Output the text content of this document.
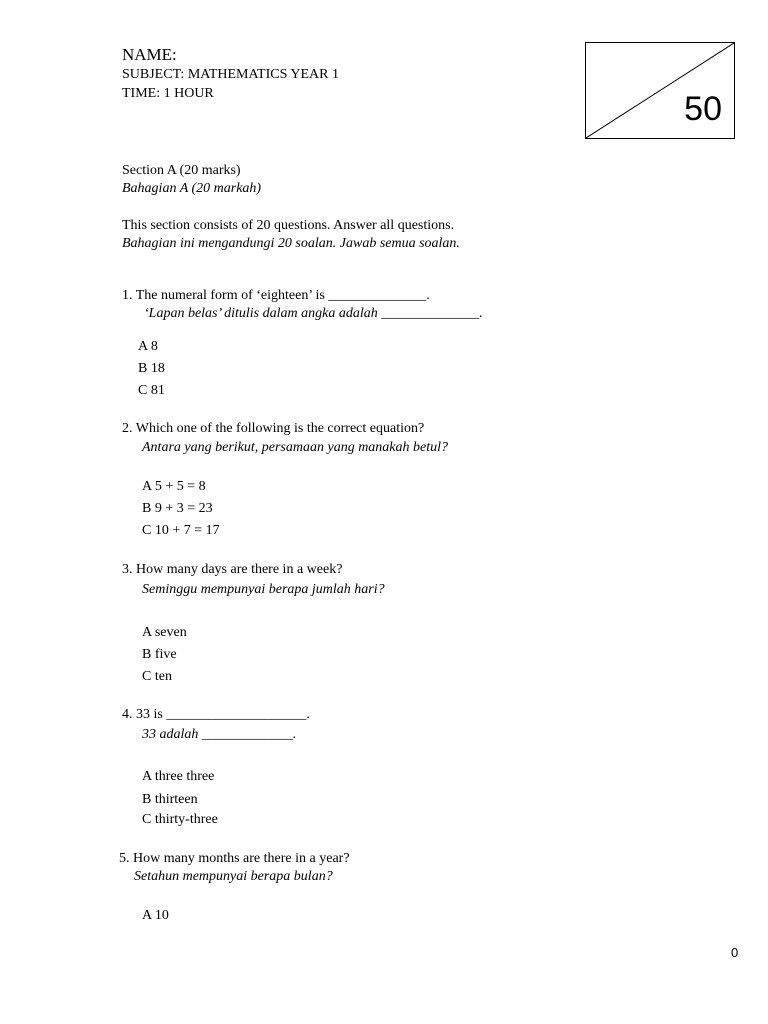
NAME:
SUBJECT: MATHEMATICS YEAR 1
TIME: 1 HOUR	50
Section A (20 marks)
Bahagian A (20 markah)
This section consists of 20 questions. Answer all questions.
Bahagian ini mengandungi 20 soalan. Jawab semua soalan.
1. The numeral form of ‘eighteen’ is ______________.
‘Lapan belas’ ditulis dalam angka adalah ______________.
A 8
B 18
C 81
2. Which one of the following is the correct equation?
Antara yang berikut, persamaan yang manakah betul?
A 5 + 5 = 8
B 9 + 3 = 23
C 10 + 7 = 17
3. How many days are there in a week?
Seminggu mempunyai berapa jumlah hari?
A seven
B five
C ten
4. 33 is ____________________.
33 adalah _____________.
A three three
B thirteen
C thirty-three
5. How many months are there in a year?
Setahun mempunyai berapa bulan?
A 10
0
